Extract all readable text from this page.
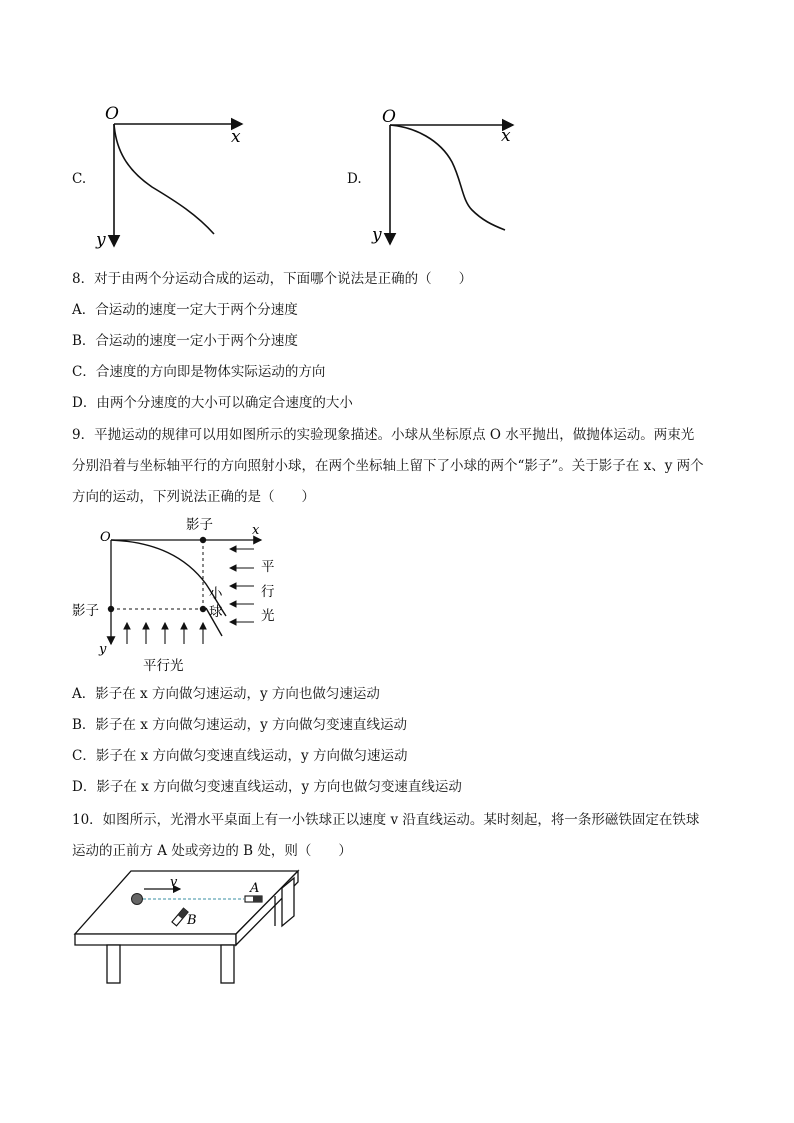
C.
O
x
y
D.
O
x
y
8．对于由两个分运动合成的运动，下面哪个说法是正确的（　　）
A．合运动的速度一定大于两个分速度
B．合运动的速度一定小于两个分速度
C．合速度的方向即是物体实际运动的方向
D．由两个分速度的大小可以确定合速度的大小
9．平抛运动的规律可以用如图所示的实验现象描述。小球从坐标原点 O 水平抛出，做抛体运动。两束光
分别沿着与坐标轴平行的方向照射小球，在两个坐标轴上留下了小球的两个“影子”。关于影子在 x、y 两个
方向的运动，下列说法正确的是（　　）
O	x
y
影子
影子
小
球
平
行
光
平行光
A．影子在 x 方向做匀速运动，y 方向也做匀速运动
B．影子在 x 方向做匀速运动，y 方向做匀变速直线运动
C．影子在 x 方向做匀变速直线运动，y 方向做匀速运动
D．影子在 x 方向做匀变速直线运动，y 方向也做匀变速直线运动
10．如图所示，光滑水平桌面上有一小铁球正以速度 v 沿直线运动。某时刻起，将一条形磁铁固定在铁球
运动的正前方 A 处或旁边的 B 处，则（　　）
v	A
B
